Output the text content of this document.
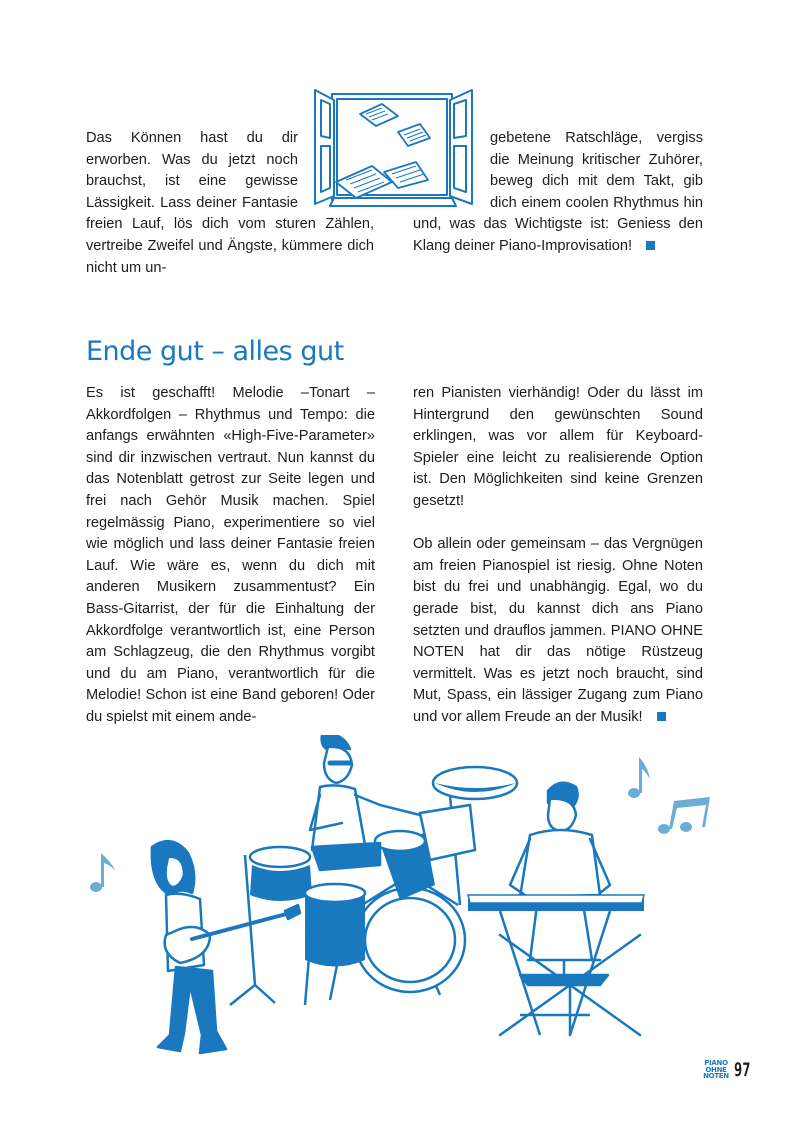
Das Können hast du dir erworben. Was du jetzt noch brauchst, ist eine gewisse Lässigkeit. Lass deiner Fantasie freien Lauf, lös dich vom sturen Zählen, vertreibe Zweifel und Ängste, kümmere dich nicht um un-

gebetene Ratschläge, vergiss die Meinung kritischer Zuhörer, beweg dich mit dem Takt, gib dich einem coolen Rhythmus hin und, was das Wichtigste ist: Geniess den Klang deiner Piano-Improvisation!

Ende gut – alles gut

Es ist geschafft! Melodie –Tonart – Akkordfolgen – Rhythmus und Tempo: die anfangs erwähnten «High-Five-Parameter» sind dir inzwischen vertraut. Nun kannst du das Notenblatt getrost zur Seite legen und frei nach Gehör Musik machen. Spiel regelmässig Piano, experimentiere so viel wie möglich und lass deiner Fantasie freien Lauf. Wie wäre es, wenn du dich mit anderen Musikern zusammentust? Ein Bass-Gitarrist, der für die Einhaltung der Akkordfolge verantwortlich ist, eine Person am Schlagzeug, die den Rhythmus vorgibt und du am Piano, verantwortlich für die Melodie! Schon ist eine Band geboren! Oder du spielst mit einem ande-

ren Pianisten vierhändig! Oder du lässt im Hintergrund den gewünschten Sound erklingen, was vor allem für Keyboard-Spieler eine leicht zu realisierende Option ist. Den Möglichkeiten sind keine Grenzen gesetzt!

Ob allein oder gemeinsam – das Vergnügen am freien Pianospiel ist riesig. Ohne Noten bist du frei und unabhängig. Egal, wo du gerade bist, du kannst dich ans Piano setzten und drauflos jammen. PIANO OHNE NOTEN hat dir das nötige Rüstzeug vermittelt. Was es jetzt noch braucht, sind Mut, Spass, ein lässiger Zugang zum Piano und vor allem Freude an der Musik!

PIANO
OHNE
NOTEN 97
